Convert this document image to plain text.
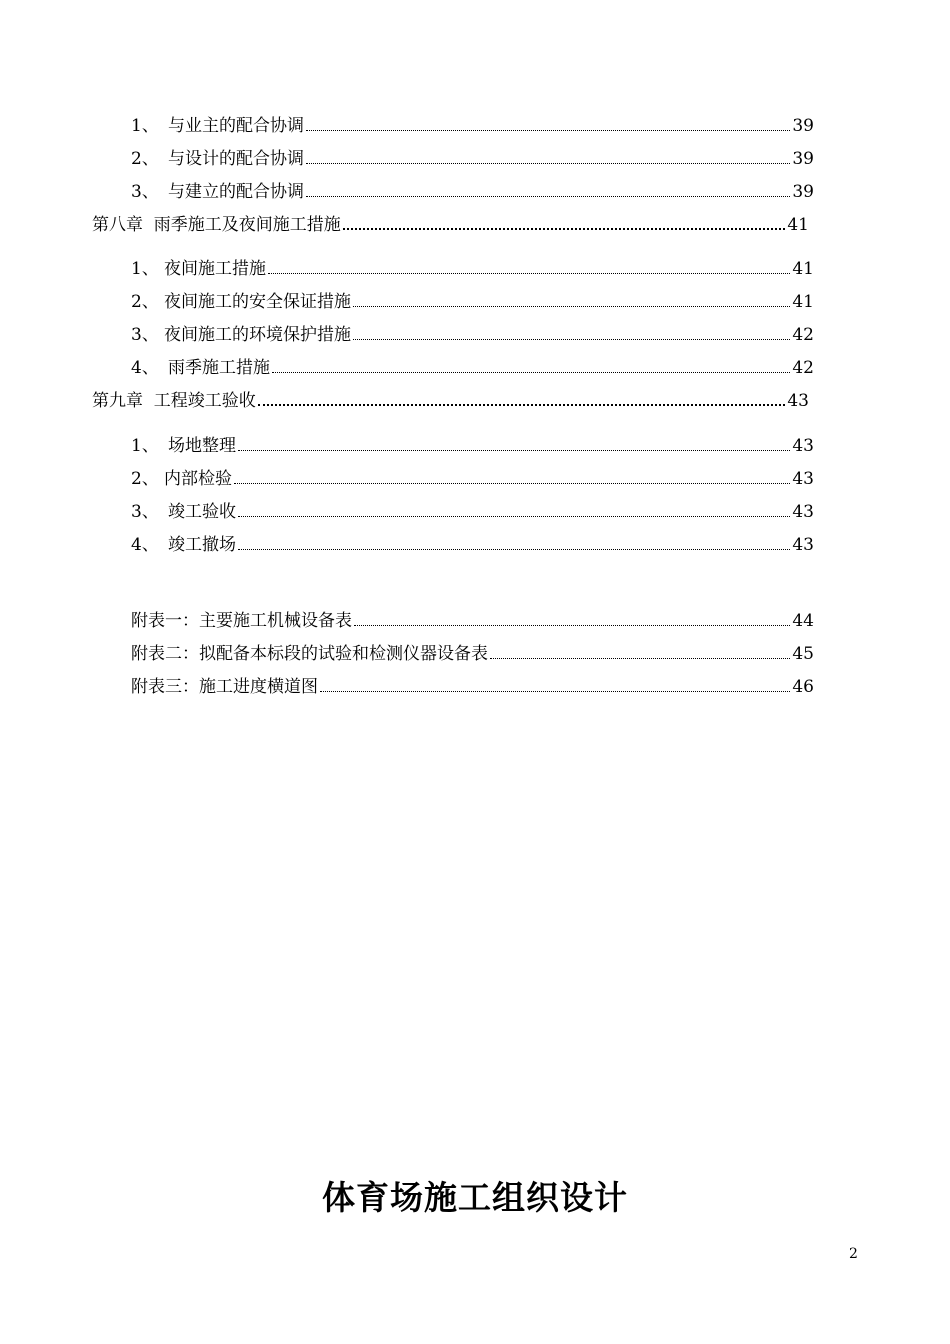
1、 与业主的配合协调	39
2、 与设计的配合协调	39
3、 与建立的配合协调	39
第八章  雨季施工及夜间施工措施	41
1、 夜间施工措施	41
2、 夜间施工的安全保证措施	41
3、 夜间施工的环境保护措施	42
4、 雨季施工措施	42
第九章  工程竣工验收	43
1、 场地整理	43
2、 内部检验	43
3、 竣工验收	43
4、 竣工撤场	43
附表一：主要施工机械设备表	44
附表二：拟配备本标段的试验和检测仪器设备表	45
附表三：施工进度横道图	46
体育场施工组织设计
2
